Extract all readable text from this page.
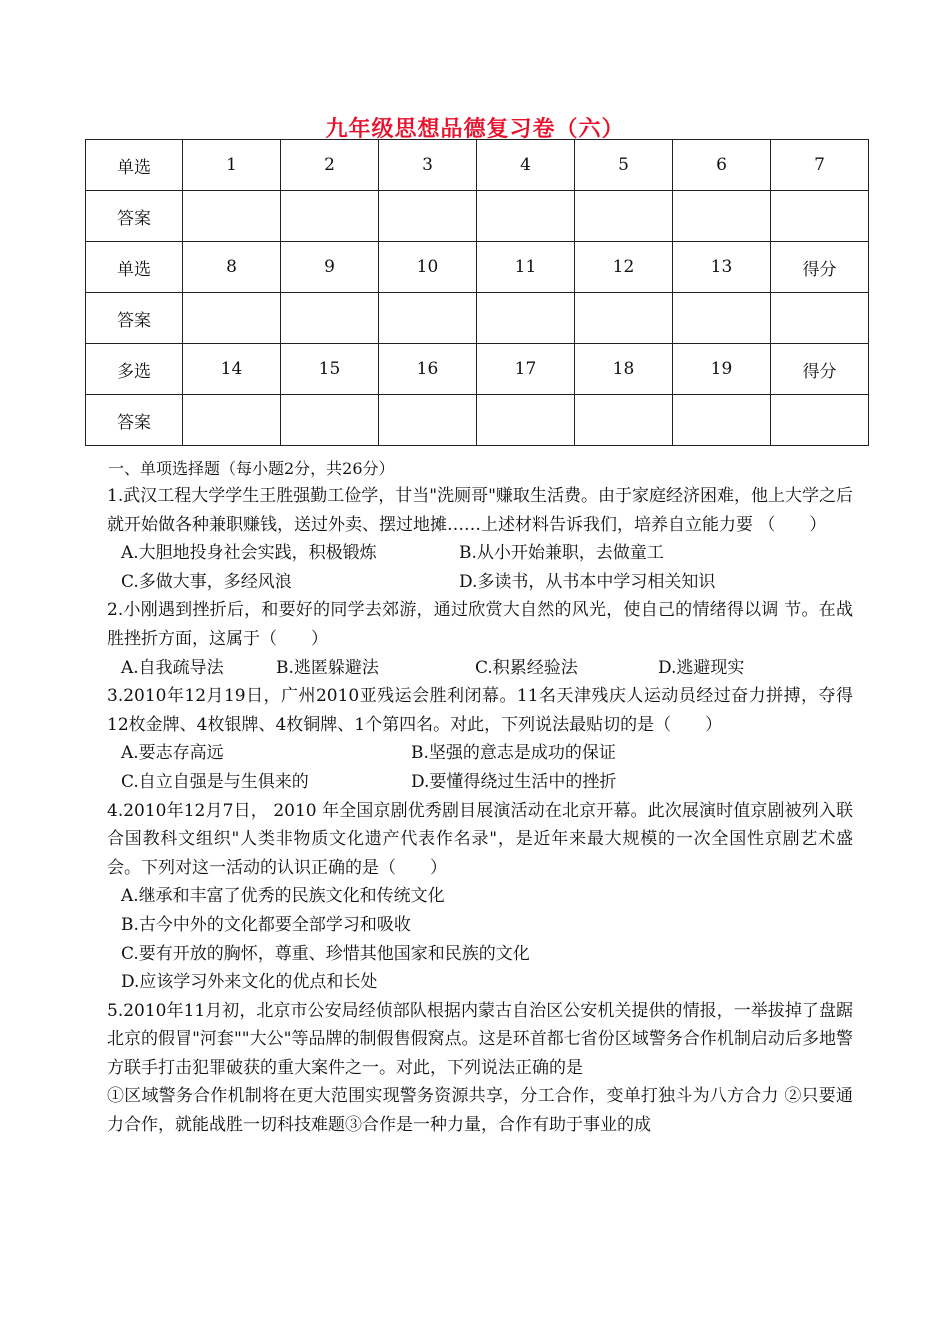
九年级思想品德复习卷（六）
单选	1	2	3	4	5	6	7
答案							
单选	8	9	10	11	12	13	得分
答案							
多选	14	15	16	17	18	19	得分
答案							
一、单项选择题（每小题2分，共26分）

1.武汉工程大学学生王胜强勤工俭学，甘当"洗厕哥"赚取生活费。由于家庭经济困难，他上大学之后就开始做各种兼职赚钱，送过外卖、摆过地摊……上述材料告诉我们，培养自立能力要 （　　）

A.大胆地投身社会实践，积极锻炼	B.从小开始兼职，去做童工
C.多做大事，多经风浪	D.多读书，从书本中学习相关知识

2.小刚遇到挫折后，和要好的同学去郊游，通过欣赏大自然的风光，使自己的情绪得以调 节。在战胜挫折方面，这属于（　　）

A.自我疏导法	B.逃匿躲避法	C.积累经验法	D.逃避现实

3.2010年12月19日，广州2010亚残运会胜利闭幕。11名天津残庆人运动员经过奋力拼搏，夺得12枚金牌、4枚银牌、4枚铜牌、1个第四名。对此，下列说法最贴切的是（　　）

A.要志存高远	B.坚强的意志是成功的保证
C.自立自强是与生俱来的	D.要懂得绕过生活中的挫折

4.2010年12月7日， 2010 年全国京剧优秀剧目展演活动在北京开幕。此次展演时值京剧被列入联合国教科文组织"人类非物质文化遗产代表作名录"，是近年来最大规模的一次全国性京剧艺术盛会。下列对这一活动的认识正确的是（　　）

A.继承和丰富了优秀的民族文化和传统文化
B.古今中外的文化都要全部学习和吸收
C.要有开放的胸怀，尊重、珍惜其他国家和民族的文化
D.应该学习外来文化的优点和长处

5.2010年11月初，北京市公安局经侦部队根据内蒙古自治区公安机关提供的情报，一举拔掉了盘踞北京的假冒"河套""大公"等品牌的制假售假窝点。这是环首都七省份区域警务合作机制启动后多地警方联手打击犯罪破获的重大案件之一。对此，下列说法正确的是

①区域警务合作机制将在更大范围实现警务资源共享，分工合作，变单打独斗为八方合力 ②只要通力合作，就能战胜一切科技难题③合作是一种力量，合作有助于事业的成
